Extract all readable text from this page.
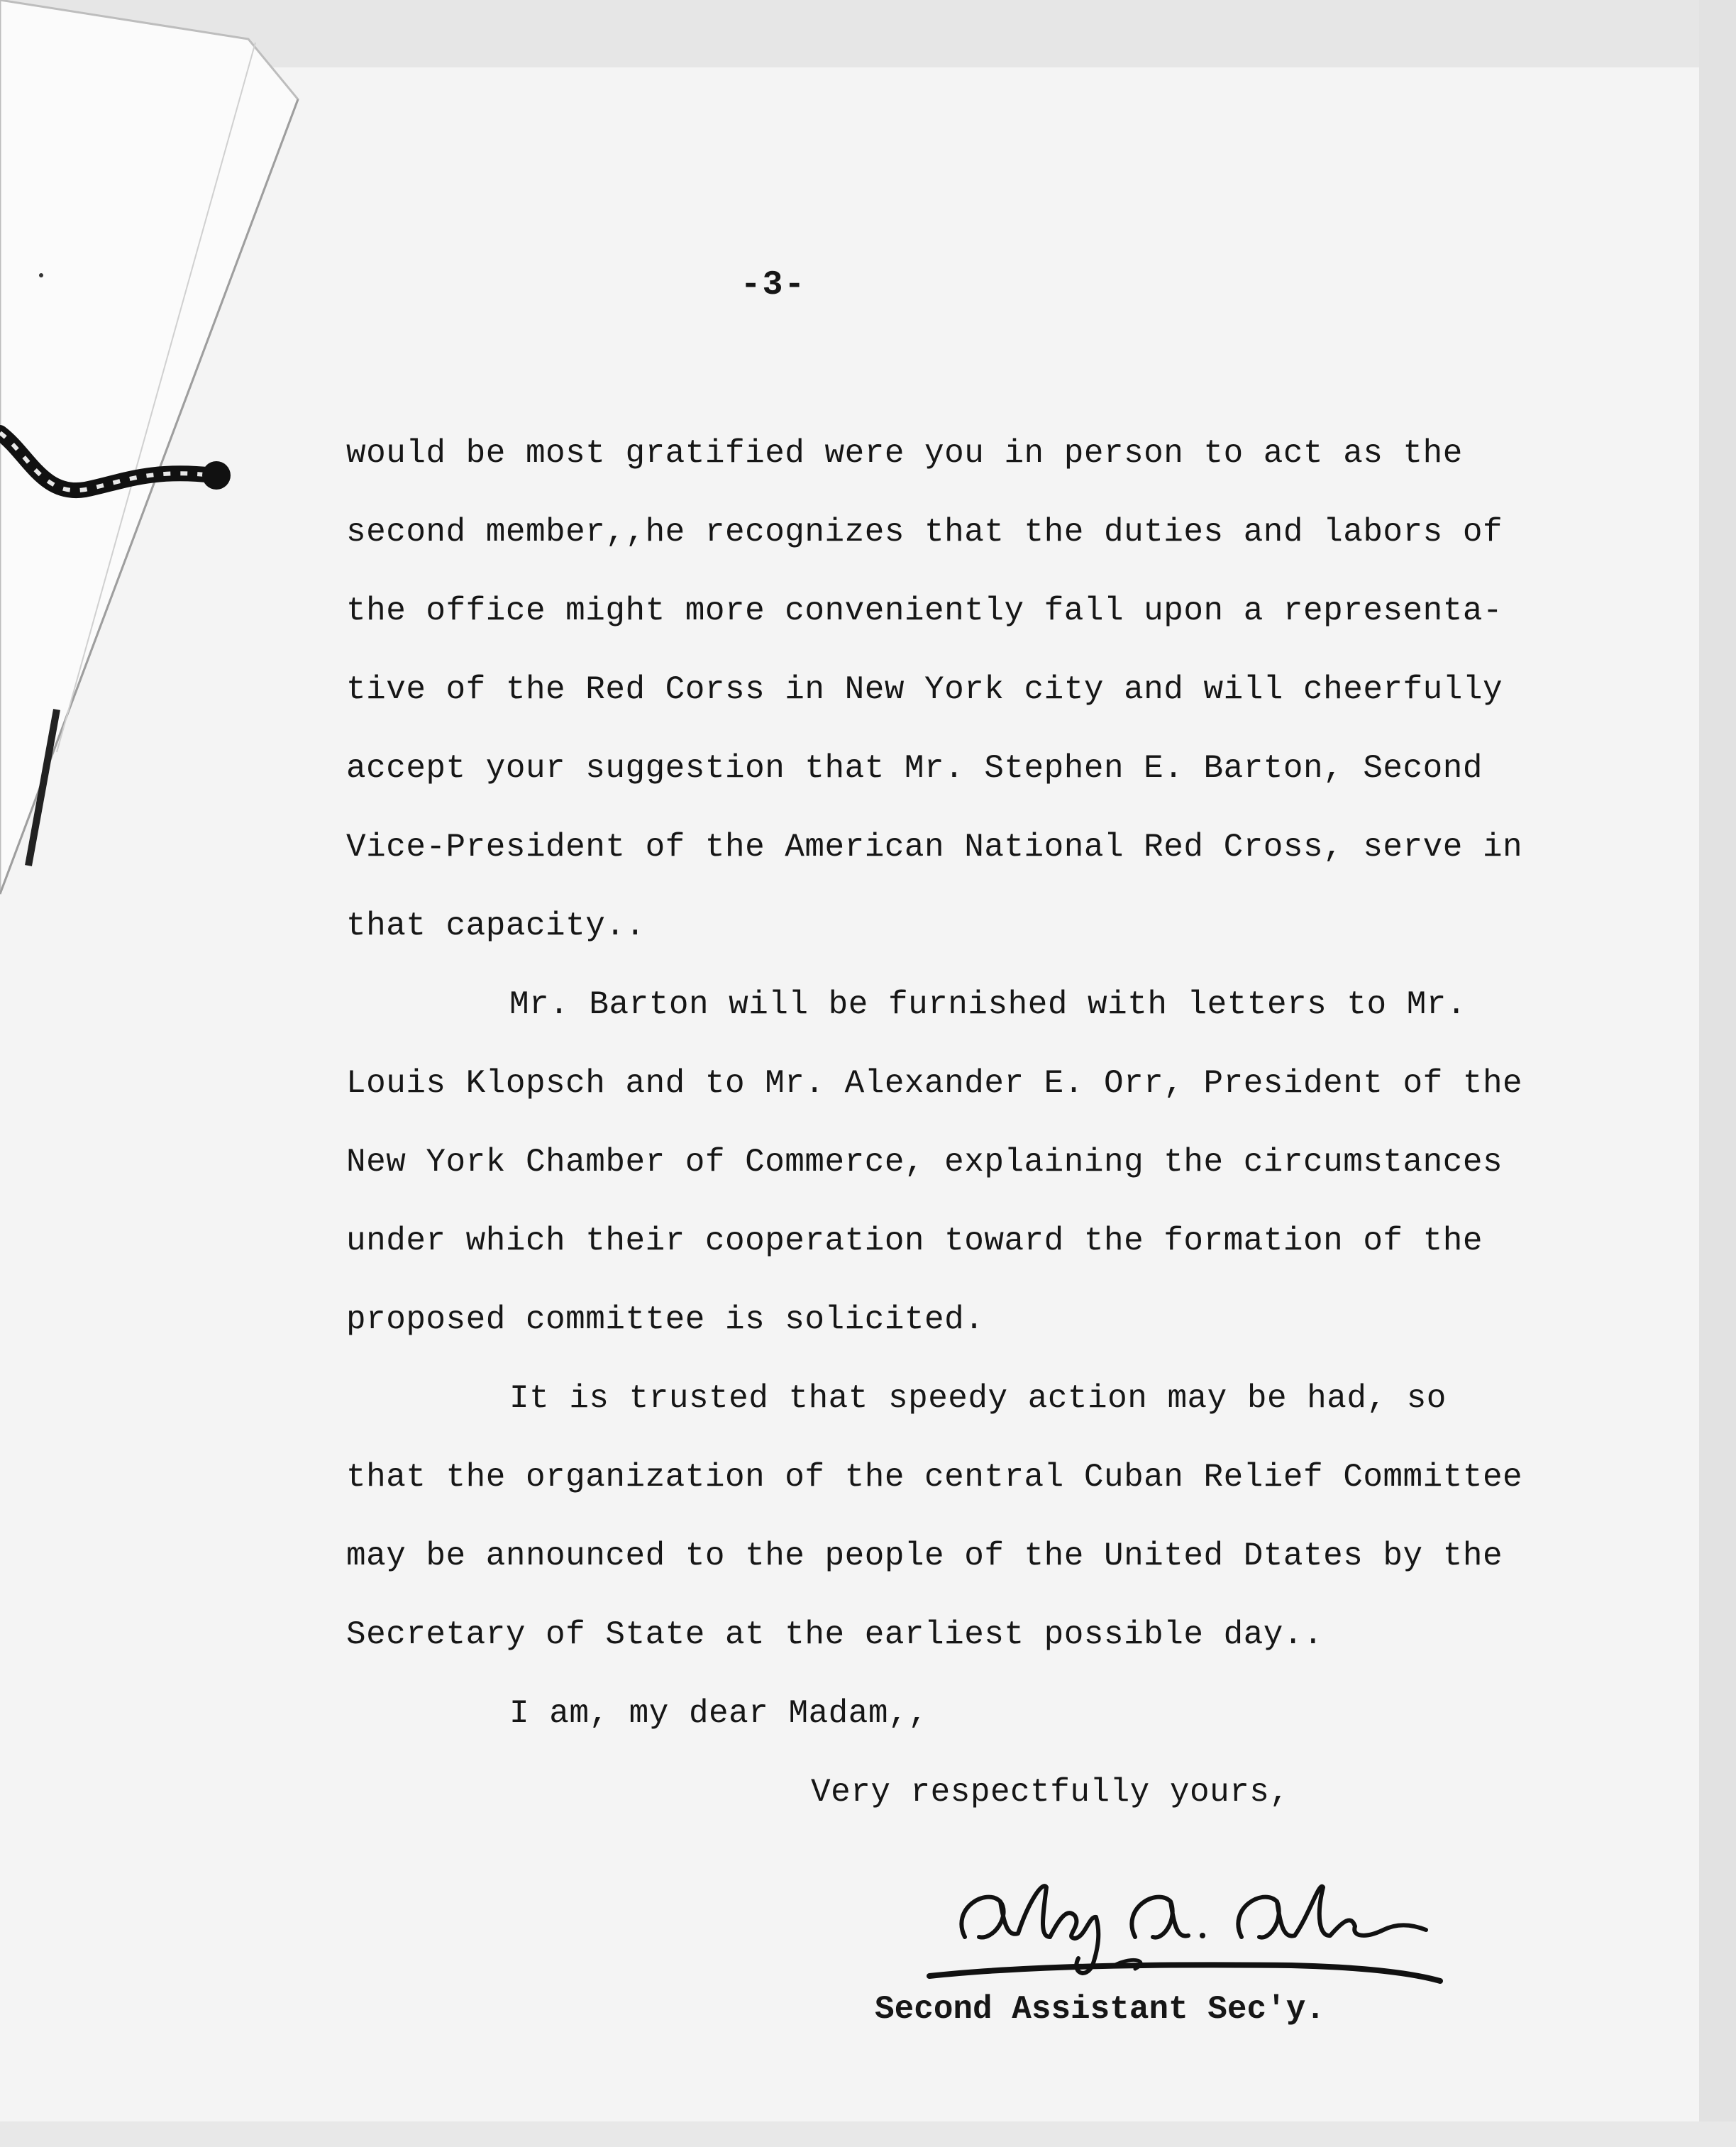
-3-
would be most gratified were you in person to act as the
second member,,he recognizes that the duties and labors of
the office might more conveniently fall upon a representa-
tive of the Red Corss in New York city and will cheerfully
accept your suggestion that Mr. Stephen E. Barton, Second
Vice-President of the American National Red Cross, serve in
that capacity..
Mr. Barton will be furnished with letters to Mr.
Louis Klopsch and to Mr. Alexander E. Orr, President of the
New York Chamber of Commerce, explaining the circumstances
under which their cooperation toward the formation of the
proposed committee is solicited.
It is trusted that speedy action may be had, so
that the organization of the central Cuban Relief Committee
may be announced to the people of the United Dtates by the
Secretary of State at the earliest possible day..
I am, my dear Madam,,
Very respectfully yours,
Second Assistant Sec'y.
